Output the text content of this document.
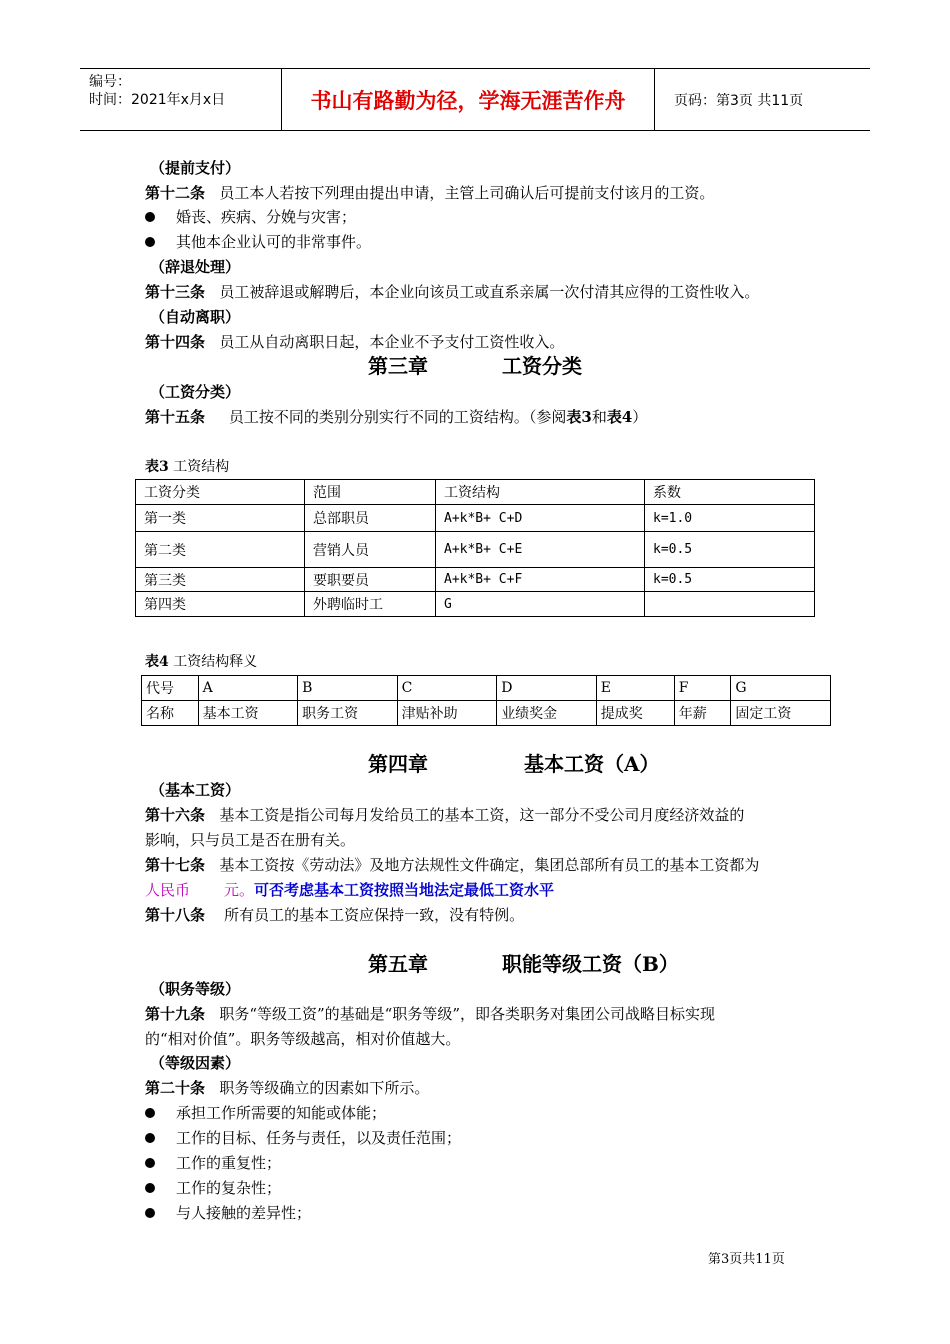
编号：
时间：2021年x月x日	书山有路勤为径，学海无涯苦作舟	页码：第3页 共11页
（提前支付）
第十二条 员工本人若按下列理由提出申请，主管上司确认后可提前支付该月的工资。
婚丧、疾病、分娩与灾害；
其他本企业认可的非常事件。
（辞退处理）
第十三条 员工被辞退或解聘后，本企业向该员工或直系亲属一次付清其应得的工资性收入。
（自动离职）
第十四条 员工从自动离职日起，本企业不予支付工资性收入。
第三章	工资分类
（工资分类）
第十五条 员工按不同的类别分别实行不同的工资结构。（参阅表3和表4）
表3 工资结构
工资分类	范围	工资结构	系数
第一类	总部职员	A+k*B+ C+D	k=1.0
第二类	营销人员	A+k*B+ C+E	k=0.5
第三类	要职要员	A+k*B+ C+F	k=0.5
第四类	外聘临时工	G	
表4 工资结构释义
代号	A	B	C	D	E	F	G
名称	基本工资	职务工资	津贴补助	业绩奖金	提成奖	年薪	固定工资
第四章	基本工资（A）
（基本工资）
第十六条 基本工资是指公司每月发给员工的基本工资，这一部分不受公司月度经济效益的
影响，只与员工是否在册有关。
第十七条 基本工资按《劳动法》及地方法规性文件确定，集团总部所有员工的基本工资都为
人民币 元。可否考虑基本工资按照当地法定最低工资水平
第十八条 所有员工的基本工资应保持一致，没有特例。
第五章	职能等级工资（B）
（职务等级）
第十九条 职务“等级工资”的基础是“职务等级”，即各类职务对集团公司战略目标实现
的“相对价值”。职务等级越高，相对价值越大。
（等级因素）
第二十条 职务等级确立的因素如下所示。
承担工作所需要的知能或体能；
工作的目标、任务与责任，以及责任范围；
工作的重复性；
工作的复杂性；
与人接触的差异性；
第3页共11页
